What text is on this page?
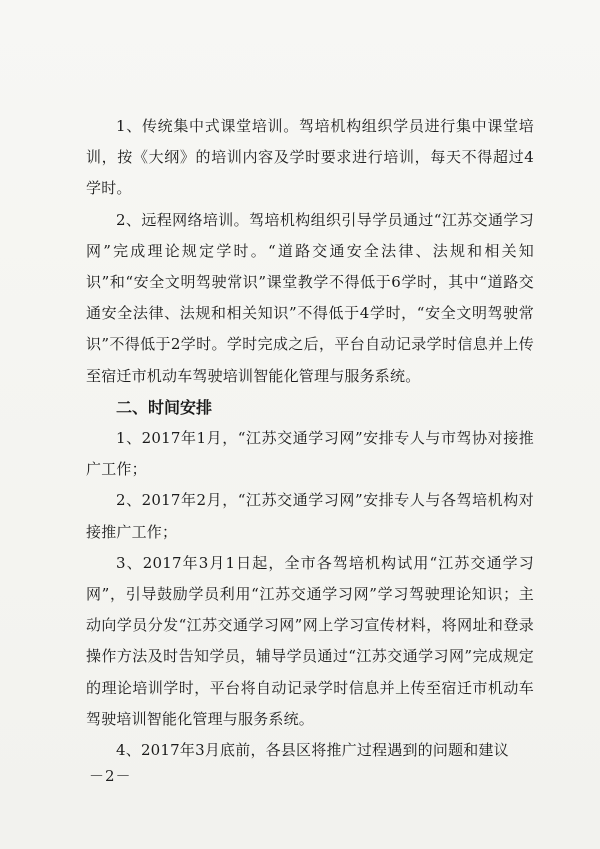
1、传统集中式课堂培训。驾培机构组织学员进行集中课堂培训，按《大纲》的培训内容及学时要求进行培训，每天不得超过4学时。

2、远程网络培训。驾培机构组织引导学员通过“江苏交通学习网”完成理论规定学时。“道路交通安全法律、法规和相关知识”和“安全文明驾驶常识”课堂教学不得低于6学时，其中“道路交通安全法律、法规和相关知识”不得低于4学时，“安全文明驾驶常识”不得低于2学时。学时完成之后，平台自动记录学时信息并上传至宿迁市机动车驾驶培训智能化管理与服务系统。

二、时间安排

1、2017年1月，“江苏交通学习网”安排专人与市驾协对接推广工作；

2、2017年2月，“江苏交通学习网”安排专人与各驾培机构对接推广工作；

3、2017年3月1日起，全市各驾培机构试用“江苏交通学习网”，引导鼓励学员利用“江苏交通学习网”学习驾驶理论知识；主动向学员分发“江苏交通学习网”网上学习宣传材料，将网址和登录操作方法及时告知学员，辅导学员通过“江苏交通学习网”完成规定的理论培训学时，平台将自动记录学时信息并上传至宿迁市机动车驾驶培训智能化管理与服务系统。

4、2017年3月底前，各县区将推广过程遇到的问题和建议

－2－
